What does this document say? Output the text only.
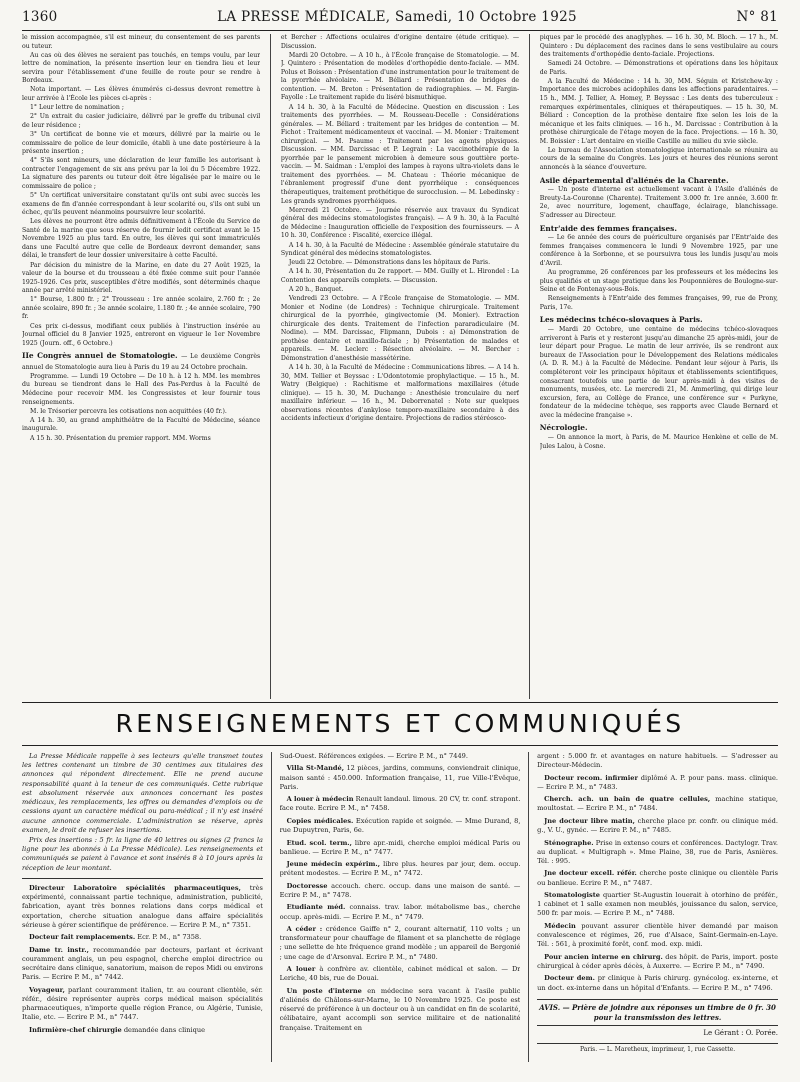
1360	LA PRESSE MÉDICALE, Samedi, 10 Octobre 1925	N° 81

le mission accompagnée, s'il est mineur, du consentement de ses parents ou tuteur.

Au cas où des élèves ne seraient pas touchés, en temps voulu, par leur lettre de nomination, la présente insertion leur en tiendra lieu et leur servira pour l'établissement d'une feuille de route pour se rendre à Bordeaux.

Nota important. — Les élèves énumérés ci-dessus devront remettre à leur arrivée à l'École les pièces ci-après :

1° Leur lettre de nomination ;

2° Un extrait du casier judiciaire, délivré par le greffe du tribunal civil de leur résidence ;

3° Un certificat de bonne vie et mœurs, délivré par la mairie ou le commissaire de police de leur domicile, établi à une date postérieure à la présente insertion ;

4° S'ils sont mineurs, une déclaration de leur famille les autorisant à contracter l'engagement de six ans prévu par la loi du 5 Décembre 1922. La signature des parents ou tuteur doit être légalisée par le maire ou le commissaire de police ;

5° Un certificat universitaire constatant qu'ils ont subi avec succès les examens de fin d'année correspondant à leur scolarité ou, s'ils ont subi un échec, qu'ils peuvent néanmoins poursuivre leur scolarité.

Les élèves ne pourront être admis définitivement à l'École du Service de Santé de la marine que sous réserve de fournir ledit certificat avant le 15 Novembre 1925 au plus tard. En outre, les élèves qui sont immatriculés dans une Faculté autre que celle de Bordeaux devront demander, sans délai, le transfert de leur dossier universitaire à cette Faculté.

Par décision du ministre de la Marine, en date du 27 Août 1925, la valeur de la bourse et du trousseau a été fixée comme suit pour l'année 1925-1926. Ces prix, susceptibles d'être modifiés, sont déterminés chaque année par arrêté ministériel.

1° Bourse, 1.800 fr. ; 2° Trousseau : 1re année scolaire, 2.760 fr. ; 2e année scolaire, 890 fr. ; 3e année scolaire, 1.180 fr. ; 4e année scolaire, 790 fr.

Ces prix ci-dessus, modifiant ceux publiés à l'instruction insérée au Journal officiel du 8 Janvier 1925, entreront en vigueur le 1er Novembre 1925 (Journ. off., 6 Octobre.)

IIe Congrès annuel de Stomatologie. — Le deuxième Congrès annuel de Stomatologie aura lieu à Paris du 19 au 24 Octobre prochain.

Programme. — Lundi 19 Octobre — De 10 h. à 12 h. MM. les membres du bureau se tiendront dans le Hall des Pas-Perdus à la Faculté de Médecine pour recevoir MM. les Congressistes et leur fournir tous renseignements.

M. le Trésorier percevra les cotisations non acquittées (40 fr.).

A 14 h. 30, au grand amphithéâtre de la Faculté de Médecine, séance inaugurale.

A 15 h. 30. Présentation du premier rapport. MM. Worms

et Bercher : Affections oculaires d'origine dentaire (étude critique). — Discussion.

Mardi 20 Octobre. — A 10 h., à l'École française de Stomatologie. — M. J. Quintero : Présentation de modèles d'orthopédie dento-faciale. — MM. Polus et Boisson : Présentation d'une instrumentation pour le traitement de la pyorrhée alvéolaire. — M. Béliard : Présentation de bridges de contention. — M. Breton : Présentation de radiographies. — M. Fargin-Fayolle : Le traitement rapide du liséré bismuthique.

A 14 h. 30, à la Faculté de Médecine. Question en discussion : Les traitements des pyorrhées. — M. Rousseau-Decelle : Considérations générales. — M. Béliard : traitement par les bridges de contention — M. Fichot : Traitement médicamenteux et vaccinal. — M. Monier : Traitement chirurgical. — M. Psaume : Traitement par les agents physiques. Discussion. — MM. Darcissac et P. Legrain : La vaccinothérapie de la pyorrhée par le pansement microbien à demeure sous gouttière porte-vaccin. — M. Saidman : L'emploi des lampes à rayons ultra-violets dans le traitement des pyorrhées. — M. Chateau : Théorie mécanique de l'ébranlement progressif d'une dent pyorrhéique : conséquences thérapeutiques, traitement prothétique de surocclusion. — M. Lebedinsky : Les grands syndromes pyorrhéiques.

Mercredi 21 Octobre. — Journée réservée aux travaux du Syndicat général des médecins stomatologistes français). — A 9 h. 30, à la Faculté de Médecine : Inauguration officielle de l'exposition des fournisseurs. — A 10 h. 30, Conférence : Fiscalité, exercice illégal.

A 14 h. 30, à la Faculté de Médecine : Assemblée générale statutaire du Syndicat général des médecins stomatologistes.

Jeudi 22 Octobre. — Démonstrations dans les hôpitaux de Paris.

A 14 h. 30, Présentation du 2e rapport. — MM. Guilly et L. Hirondel : La Contention des appareils complets. — Discussion.

A 20 h., Banquet.

Vendredi 23 Octobre. — A l'École française de Stomatologie. — MM. Monier et Nodine (de Londres) : Technique chirurgicale. Traitement chirurgical de la pyorrhée, gingivectomie (M. Monier). Extraction chirurgicale des dents. Traitement de l'infection pararadiculaire (M. Nodine). — MM. Darcissac, Flipmann, Dubois : a) Démonstration de prothèse dentaire et maxillo-faciale ; b) Présentation de malades et appareils. — M. Leclerc : Résection alvéolaire. — M. Bercher : Démonstration d'anesthésie massétérine.

A 14 h. 30, à la Faculté de Médecine : Communications libres. — A 14 h. 30, MM. Tellier et Beyssac : L'Odontotomie prophylactique. — 15 h., M. Watry (Belgique) : Rachitisme et malformations maxillaires (étude clinique). — 15 h. 30, M. Duchange : Anesthésie tronculaire du nerf maxillaire inférieur. — 16 h., M. Deborrenatel : Note sur quelques observations récentes d'ankylose temporo-maxillaire secondaire à des accidents infectieux d'origine dentaire. Projections de radios stéréosco-

piques par le procédé des anaglyphes. — 16 h. 30, M. Bloch. — 17 h., M. Quintero : Du déplacement des racines dans le sens vestibulaire au cours des traitements d'orthopédie dento-faciale. Projections.

Samedi 24 Octobre. — Démonstrations et opérations dans les hôpitaux de Paris.

A la Faculté de Médecine : 14 h. 30, MM. Séguin et Kristchew-ky : Importance des microbes acidophiles dans les affections paradentaires. — 15 h., MM. J. Tellier, A. Homey, P. Beyssac : Les dents des tuberculeux : remarques expérimentales, cliniques et thérapeutiques. — 15 h. 30, M. Béliard : Conception de la prothèse dentaire fixe selon les lois de la mécanique et les faits cliniques. — 16 h., M. Darcissac : Contribution à la prothèse chirurgicale de l'étage moyen de la face. Projections. — 16 h. 30, M. Boissier : L'art dentaire en vieille Castille au milieu du xvie siècle.

Le bureau de l'Association stomatologique internationale se réunira au cours de la semaine du Congrès. Les jours et heures des réunions seront annoncés à la séance d'ouverture.

Asile départemental d'aliénés de la Charente.

— Un poste d'interne est actuellement vacant à l'Asile d'aliénés de Breuty-La-Couronne (Charente). Traitement 3.000 fr. 1re année, 3.600 fr. 2e, avec nourriture, logement, chauffage, éclairage, blanchissage. S'adresser au Directeur.

Entr'aide des femmes françaises.

— Le 6e année des cours de puériculture organisés par l'Entr'aide des femmes françaises commencera le lundi 9 Novembre 1925, par une conférence à la Sorbonne, et se poursuivra tous les lundis jusqu'au mois d'Avril.

Au programme, 26 conférences par les professeurs et les médecins les plus qualifiés et un stage pratique dans les Pouponnières de Boulogne-sur-Seine et de Fontenay-sous-Bois.

Renseignements à l'Entr'aide des femmes françaises, 99, rue de Prony, Paris, 17e.

Les médecins tchéco-slovaques à Paris.

— Mardi 20 Octobre, une centaine de médecins tchéco-slovaques arriveront à Paris et y resteront jusqu'au dimanche 25 après-midi, jour de leur départ pour Prague. Le matin de leur arrivée, ils se rendront aux bureaux de l'Association pour le Développement des Relations médicales (A. D. R. M.) à la Faculté de Médecine. Pendant leur séjour à Paris, ils compléteront voir les principaux hôpitaux et établissements scientifiques, consacrant toutefois une partie de leur après-midi à des visites de monuments, musées, etc. Le mercredi 21, M. Ammerling, qui dirige leur excursion, fera, au Collège de France, une conférence sur « Purkyne, fondateur de la médecine tchèque, ses rapports avec Claude Bernard et avec la médecine française ».

Nécrologie.

— On annonce la mort, à Paris, de M. Maurice Henkène et celle de M. Jules Lalou, à Cosne.

RENSEIGNEMENTS ET COMMUNIQUÉS

La Presse Médicale rappelle à ses lecteurs qu'elle transmet toutes les lettres contenant un timbre de 30 centimes aux titulaires des annonces qui répondent directement. Elle ne prend aucune responsabilité quant à la teneur de ces communiqués. Cette rubrique est absolument réservée aux annonces concernant les postes médicaux, les remplacements, les offres ou demandes d'emplois ou de cessions ayant un caractère médical ou para-médical ; il n'y est inséré aucune annonce commerciale. L'administration se réserve, après examen, le droit de refuser les insertions.

Prix des insertions : 5 fr. la ligne de 40 lettres ou signes (2 francs la ligne pour les abonnés à La Presse Médicale). Les renseignements et communiqués se paient à l'avance et sont insérés 8 à 10 jours après la réception de leur montant.

Directeur Laboratoire spécialités pharmaceutiques, très expérimenté, connaissant partie technique, administration, publicité, fabrication, ayant très bonnes relations dans corps médical et exportation, cherche situation analogue dans affaire spécialités sérieuse à gérer scientifique de préférence. — Ecrire P. M., n° 7351.

Docteur fait remplacements. Ecr. P. M., n° 7358.

Dame tr. instr., recommandée par docteurs, parlant et écrivant couramment anglais, un peu espagnol, cherche emploi directrice ou secrétaire dans clinique, sanatorium, maison de repos Midi ou environs Paris. — Ecrire P. M., n° 7442.

Voyageur, parlant couramment italien, tr. au courant clientèle, sér. référ., désire représenter auprès corps médical maison spécialités pharmaceutiques, n'importe quelle région France, ou Algérie, Tunisie, Italie, etc. — Ecrire P. M., n° 7447.

Infirmière-chef chirurgie demandée dans clinique

Sud-Ouest. Références exigées. — Ecrire P. M., n° 7449.

Villa St-Mandé, 12 pièces, jardins, communs, conviendrait clinique, maison santé : 450.000. Information française, 11, rue Ville-l'Évêque, Paris.

A louer à médecin Renault landaul. limous. 20 CV, tr. conf. strapont. face route. Ecrire P. M., n° 7458.

Copies médicales. Exécution rapide et soignée. — Mme Durand, 8, rue Dupuytren, Paris, 6e.

Etud. scol. term., libre apr.-midi, cherche emploi médical Paris ou banlieue. — Ecrire P. M., n° 7477.

Jeune médecin expérim., libre plus. heures par jour, dem. occup. prétent modestes. — Ecrire P. M., n° 7472.

Doctoresse accouch. cherc. occup. dans une maison de santé. — Ecrire P. M., n° 7478.

Etudiante méd. connaiss. trav. labor. métabolisme bas., cherche occup. après-midi. — Ecrire P. M., n° 7479.

A céder : crédence Gaiffe n° 2, courant alternatif, 110 volts ; un transformateur pour chauffage de filament et sa planchette de réglage ; une sellette de hte fréquence grand modèle ; un appareil de Bergonié ; une cage de d'Arsonval. Ecrire P. M., n° 7480.

A louer à confrère av. clientèle, cabinet médical et salon. — Dr Leriche, 40 bis, rue de Douai.

Un poste d'interne en médecine sera vacant à l'asile public d'aliénés de Châlons-sur-Marne, le 10 Novembre 1925. Ce poste est réservé de préférence à un docteur ou à un candidat en fin de scolarité, célibataire, ayant accompli son service militaire et de nationalité française. Traitement en

argent : 5.000 fr. et avantages en nature habituels. — S'adresser au Directeur-Médecin.

Docteur recom. infirmier diplômé A. P. pour pans. mass. clinique. — Ecrire P. M., n° 7483.

Cherch. ach. un bain de quatre cellules, machine statique, moultostat. — Ecrire P. M., n° 7484.

Jne docteur libre matin, cherche place pr. confr. ou clinique méd. g., V. U., gynéc. — Ecrire P. M., n° 7485.

Sténographe. Prise in extenso cours et conférences. Dactylogr. Trav. au duplicat. « Multigraph ». Mme Plaine, 38, rue de Paris, Asnières. Tél. : 995.

Jne docteur excell. référ. cherche poste clinique ou clientèle Paris ou banlieue. Ecrire P. M., n° 7487.

Stomatologiste quartier St-Augustin louerait à otorhino de préfér., 1 cabinet et 1 salle examen non meublés, jouissance du salon, service, 500 fr. par mois. — Ecrire P. M., n° 7488.

Médecin pouvant assurer clientèle hiver demandé par maison convalescence et régimes, 26, rue d'Alsace, Saint-Germain-en-Laye. Tél. : 561, à proximité forêt, conf. mod. exp. midi.

Pour ancien interne en chirurg. des hôpit. de Paris, import. poste chirurgical à céder après décès, à Auxerre. — Ecrire P. M., n° 7490.

Docteur dem. pr clinique à Paris chirurg. gynécolog. ex-interne, et un doct. ex-interne dans un hôpital d'Enfants. — Ecrire P. M., n° 7496.

AVIS. — Prière de joindre aux réponses un timbre de 0 fr. 30 pour la transmission des lettres.
Le Gérant : O. Porée.
Paris. — L. Maretheux, imprimeur, 1, rue Cassette.
